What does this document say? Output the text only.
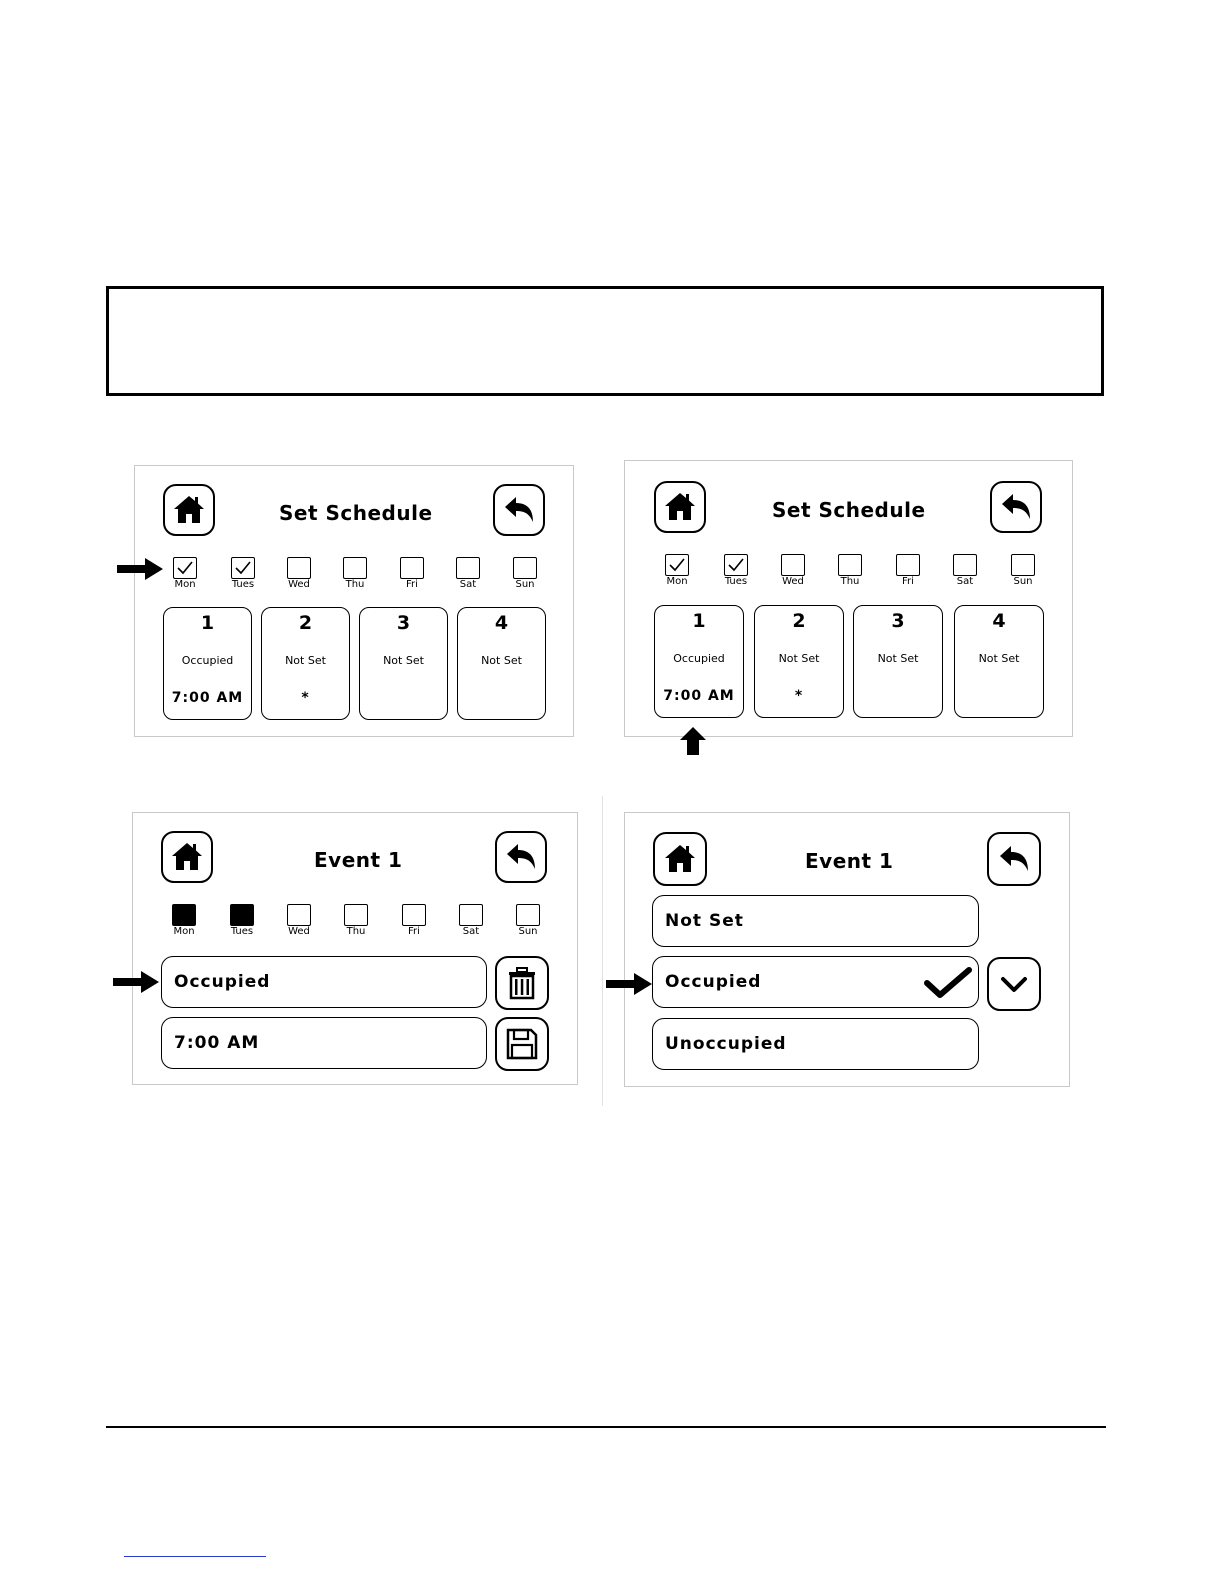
Set Schedule
Mon	Tues	Wed	Thu	Fri	Sat	Sun
1
Occupied
7:00 AM
2
Not Set
*
3
Not Set
4
Not Set
Set Schedule
Mon	Tues	Wed	Thu	Fri	Sat	Sun
1
Occupied
7:00 AM
2
Not Set
*
3
Not Set
4
Not Set
Event 1
Mon	Tues	Wed	Thu	Fri	Sat	Sun
Occupied
7:00 AM
Event 1
Not Set
Occupied
Unoccupied
